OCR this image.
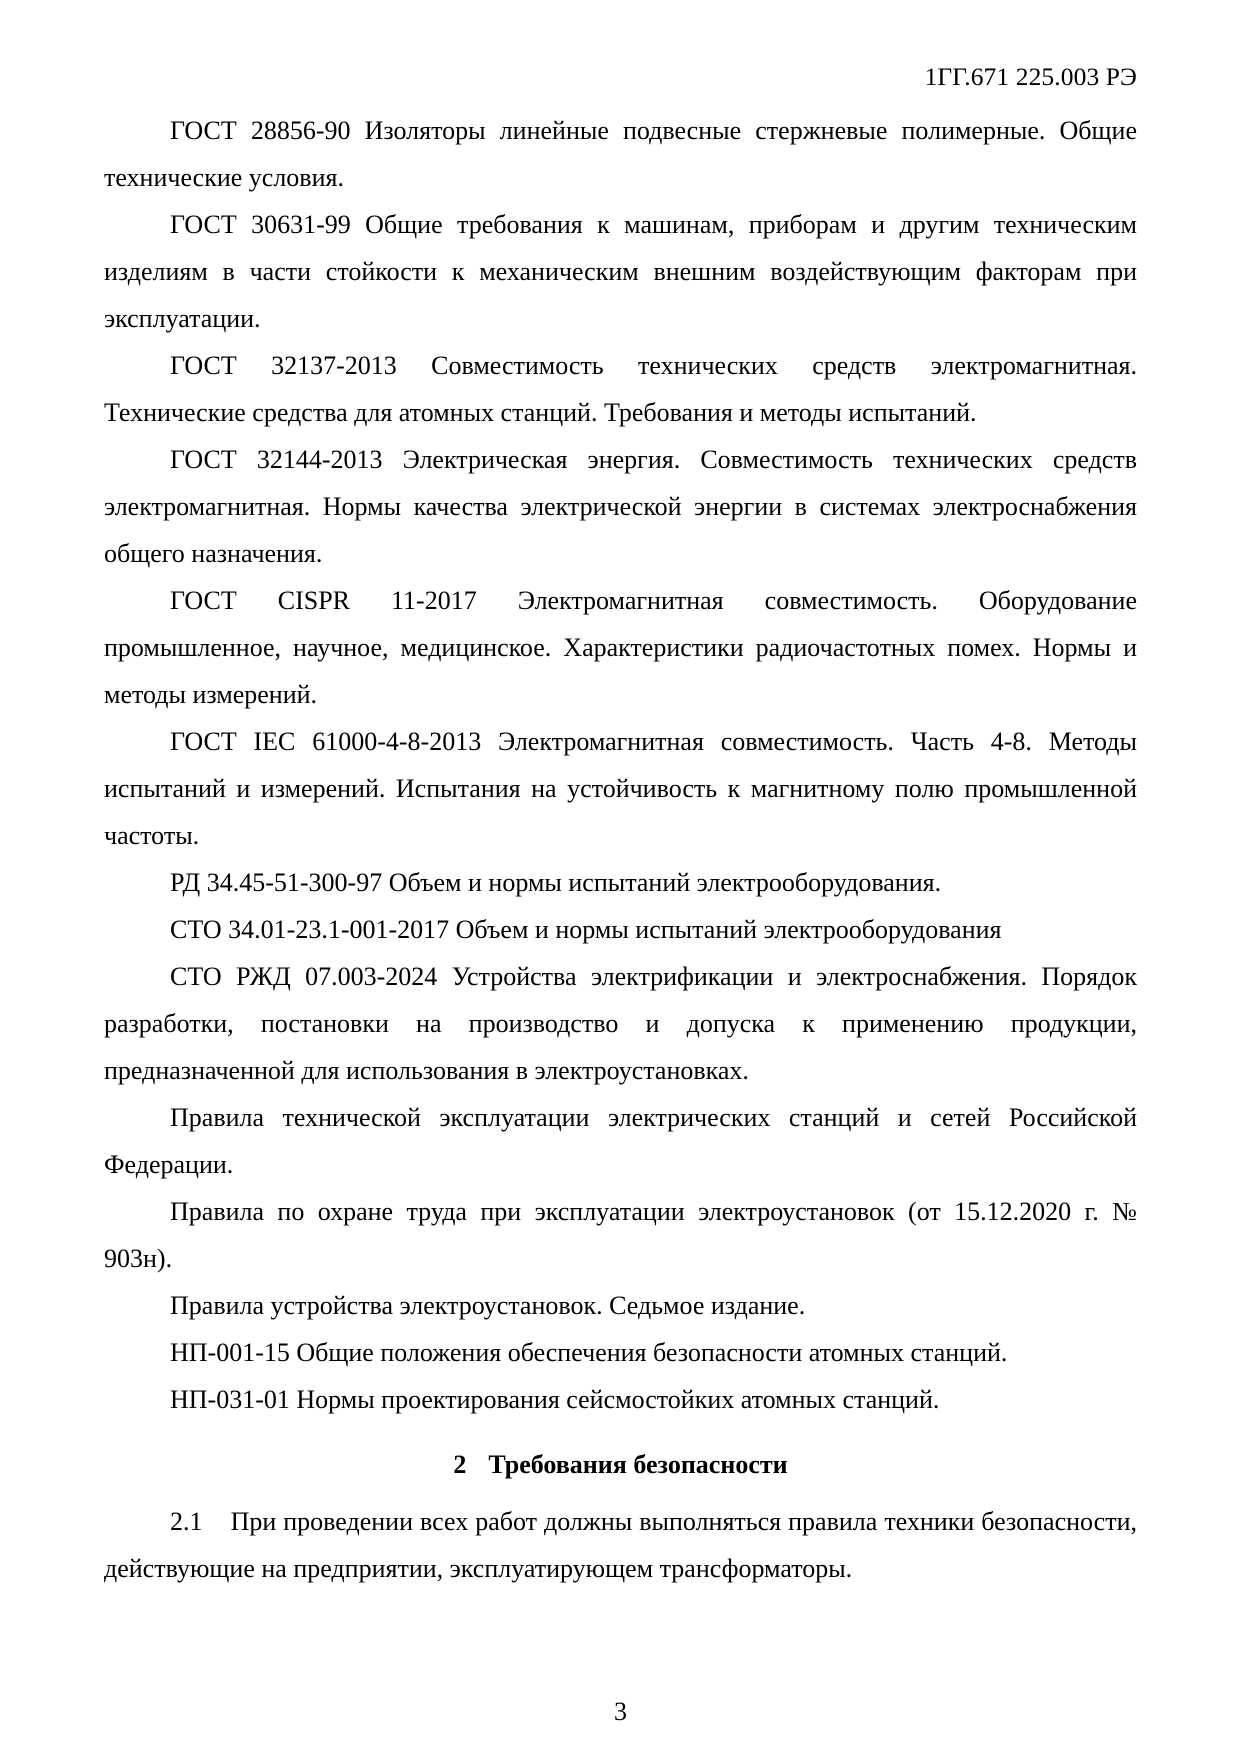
1ГГ.671 225.003 РЭ

ГОСТ 28856-90 Изоляторы линейные подвесные стержневые полимерные. Общие технические условия.

ГОСТ 30631-99 Общие требования к машинам, приборам и другим техническим изделиям в части стойкости к механическим внешним воздействующим факторам при эксплуатации.

ГОСТ 32137-2013 Совместимость технических средств электромагнитная. Технические средства для атомных станций. Требования и методы испытаний.

ГОСТ 32144-2013 Электрическая энергия. Совместимость технических средств электромагнитная. Нормы качества электрической энергии в системах электроснабжения общего назначения.

ГОСТ CISPR 11-2017 Электромагнитная совместимость. Оборудование промышленное, научное, медицинское. Характеристики радиочастотных помех. Нормы и методы измерений.

ГОСТ IEC 61000-4-8-2013 Электромагнитная совместимость. Часть 4-8. Методы испытаний и измерений. Испытания на устойчивость к магнитному полю промышленной частоты.

РД 34.45-51-300-97 Объем и нормы испытаний электрооборудования.

СТО 34.01-23.1-001-2017 Объем и нормы испытаний электрооборудования

СТО РЖД 07.003-2024 Устройства электрификации и электроснабжения. Порядок разработки, постановки на производство и допуска к применению продукции, предназначенной для использования в электроустановках.

Правила технической эксплуатации электрических станций и сетей Российской Федерации.

Правила по охране труда при эксплуатации электроустановок (от 15.12.2020 г. № 903н).

Правила устройства электроустановок. Седьмое издание.

НП-001-15 Общие положения обеспечения безопасности атомных станций.

НП-031-01 Нормы проектирования сейсмостойких атомных станций.

2 Требования безопасности

2.1 При проведении всех работ должны выполняться правила техники безопасности, действующие на предприятии, эксплуатирующем трансформаторы.

3
